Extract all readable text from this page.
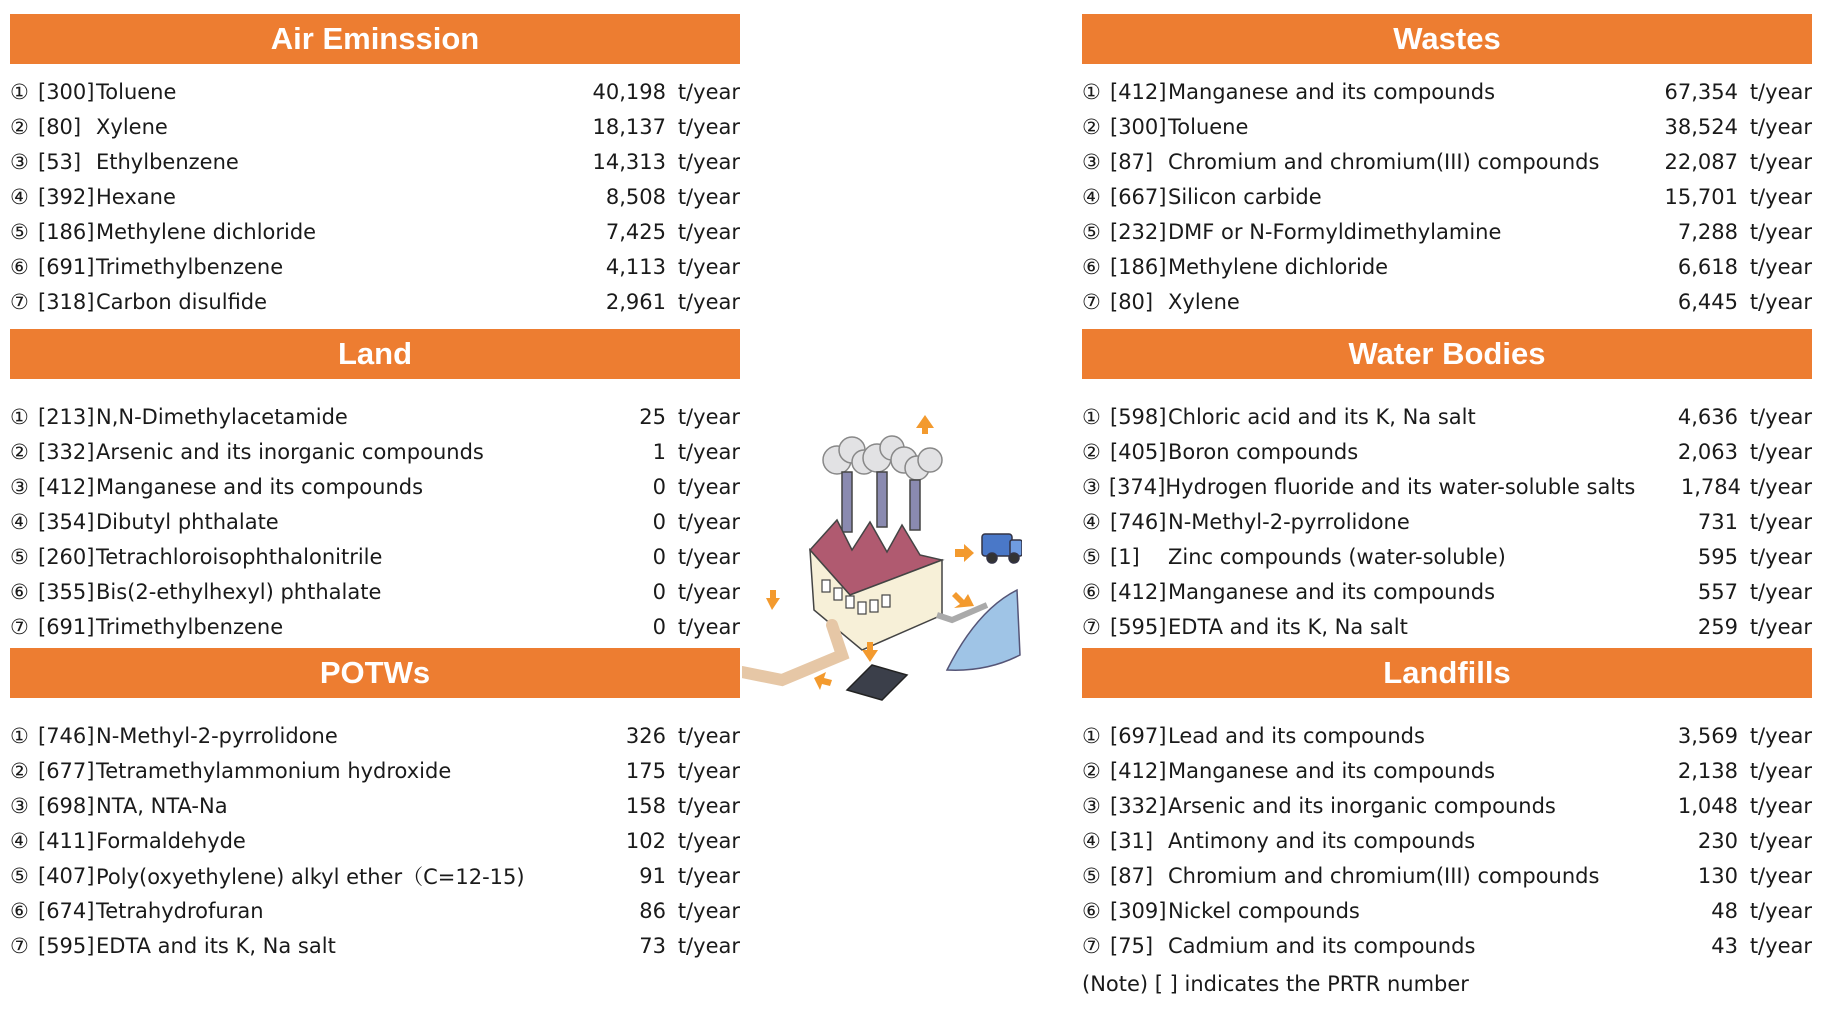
Air Eminssion
① [300] Toluene	40,198 t/year
② [80] Xylene	18,137 t/year
③ [53] Ethylbenzene	14,313 t/year
④ [392] Hexane	8,508 t/year
⑤ [186] Methylene dichloride	7,425 t/year
⑥ [691] Trimethylbenzene	4,113 t/year
⑦ [318] Carbon disulfide	2,961 t/year
Land
① [213] N,N-Dimethylacetamide	25 t/year
② [332] Arsenic and its inorganic compounds	1 t/year
③ [412] Manganese and its compounds	0 t/year
④ [354] Dibutyl phthalate	0 t/year
⑤ [260] Tetrachloroisophthalonitrile	0 t/year
⑥ [355] Bis(2-ethylhexyl) phthalate	0 t/year
⑦ [691] Trimethylbenzene	0 t/year
POTWs
① [746] N-Methyl-2-pyrrolidone	326 t/year
② [677] Tetramethylammonium hydroxide	175 t/year
③ [698] NTA, NTA-Na	158 t/year
④ [411] Formaldehyde	102 t/year
⑤ [407] Poly(oxyethylene) alkyl ether（C=12-15)	91 t/year
⑥ [674] Tetrahydrofuran	86 t/year
⑦ [595] EDTA and its K, Na salt	73 t/year
Wastes
① [412] Manganese and its compounds	67,354 t/year
② [300] Toluene	38,524 t/year
③ [87] Chromium and chromium(III) compounds	22,087 t/year
④ [667] Silicon carbide	15,701 t/year
⑤ [232] DMF or N-Formyldimethylamine	7,288 t/year
⑥ [186] Methylene dichloride	6,618 t/year
⑦ [80] Xylene	6,445 t/year
Water Bodies
① [598] Chloric acid and its K, Na salt	4,636 t/year
② [405] Boron compounds	2,063 t/year
③ [374] Hydrogen fluoride and its water-soluble salts	1,784 t/year
④ [746] N-Methyl-2-pyrrolidone	731 t/year
⑤ [1]	Zinc compounds (water-soluble)	595 t/year
⑥ [412] Manganese and its compounds	557 t/year
⑦ [595] EDTA and its K, Na salt	259 t/year
Landfills
① [697] Lead and its compounds	3,569 t/year
② [412] Manganese and its compounds	2,138 t/year
③ [332] Arsenic and its inorganic compounds	1,048 t/year
④ [31] Antimony and its compounds	230 t/year
⑤ [87] Chromium and chromium(III) compounds	130 t/year
⑥ [309] Nickel compounds	48 t/year
⑦ [75] Cadmium and its compounds	43 t/year
(Note) [ ] indicates the PRTR number
